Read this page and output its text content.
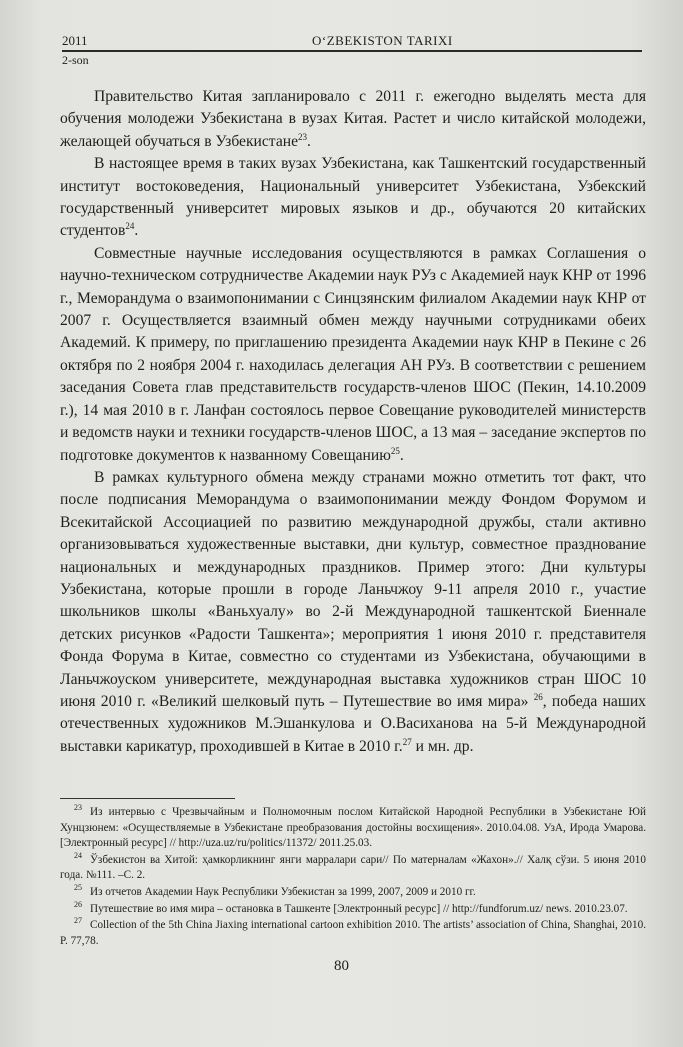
2011	O‘ZBEKISTON TARIXI
2-son

Правительство Китая запланировало с 2011 г. ежегодно выделять места для обучения молодежи Узбекистана в вузах Китая. Растет и число китайской молодежи, желающей обучаться в Узбекистане$^{23}$.

В настоящее время в таких вузах Узбекистана, как Ташкентский государственный институт востоковедения, Национальный университет Узбекистана, Узбекский государственный университет мировых языков и др., обучаются 20 китайских студентов$^{24}$.

Совместные научные исследования осуществляются в рамках Соглашения о научно-техническом сотрудничестве Академии наук РУз с Академией наук КНР от 1996 г., Меморандума о взаимопонимании с Синцзянским филиалом Академии наук КНР от 2007 г. Осуществляется взаимный обмен между научными сотрудниками обеих Академий. К примеру, по приглашению президента Академии наук КНР в Пекине с 26 октября по 2 ноября 2004 г. находилась делегация АН РУз. В соответствии с решением заседания Совета глав представительств государств-членов ШОС (Пекин, 14.10.2009 г.), 14 мая 2010 в г. Ланфан состоялось первое Совещание руководителей министерств и ведомств науки и техники государств-членов ШОС, а 13 мая – заседание экспертов по подготовке документов к названному Совещанию$^{25}$.

В рамках культурного обмена между странами можно отметить тот факт, что после подписания Меморандума о взаимопонимании между Фондом Форумом и Всекитайской Ассоциацией по развитию международной дружбы, стали активно организовываться художественные выставки, дни культур, совместное празднование национальных и международных праздников. Пример этого: Дни культуры Узбекистана, которые прошли в городе Ланьчжоу 9-11 апреля 2010 г., участие школьников школы «Ваньхуалу» во 2-й Международной ташкентской Биеннале детских рисунков «Радости Ташкента»; мероприятия 1 июня 2010 г. представителя Фонда Форума в Китае, совместно со студентами из Узбекистана, обучающими в Ланьчжоуском университете, международная выставка художников стран ШОС 10 июня 2010 г. «Великий шелковый путь – Путешествие во имя мира» $^{26}$, победа наших отечественных художников М.Эшанкулова и О.Васиханова на 5-й Международной выставки карикатур, проходившей в Китае в 2010 г.$^{27}$ и мн. др.

$^{23}$ Из интервью с Чрезвычайным и Полномочным послом Китайской Народной Республики в Узбекистане Юй Хунцзюнем: «Осуществляемые в Узбекистане преобразования достойны восхищения». 2010.04.08. УзА, Ирода Умарова. [Электронный ресурс] // http://uza.uz/ru/politics/11372/ 2011.25.03.

$^{24}$ Ўзбекистон ва Хитой: ҳамкорликнинг янги марралари сари// По матерналам «Жахон».// Халқ сўзи. 5 июня 2010 года. №111. –С. 2.

$^{25}$ Из отчетов Академии Наук Республики Узбекистан за 1999, 2007, 2009 и 2010 гг.

$^{26}$ Путешествие во имя мира – остановка в Ташкенте [Электронный ресурс] // http://fundforum.uz/ news. 2010.23.07.

$^{27}$ Collection of the 5th China Jiaxing international cartoon exhibition 2010. The artists’ association of China, Shanghai, 2010. P. 77,78.

80
